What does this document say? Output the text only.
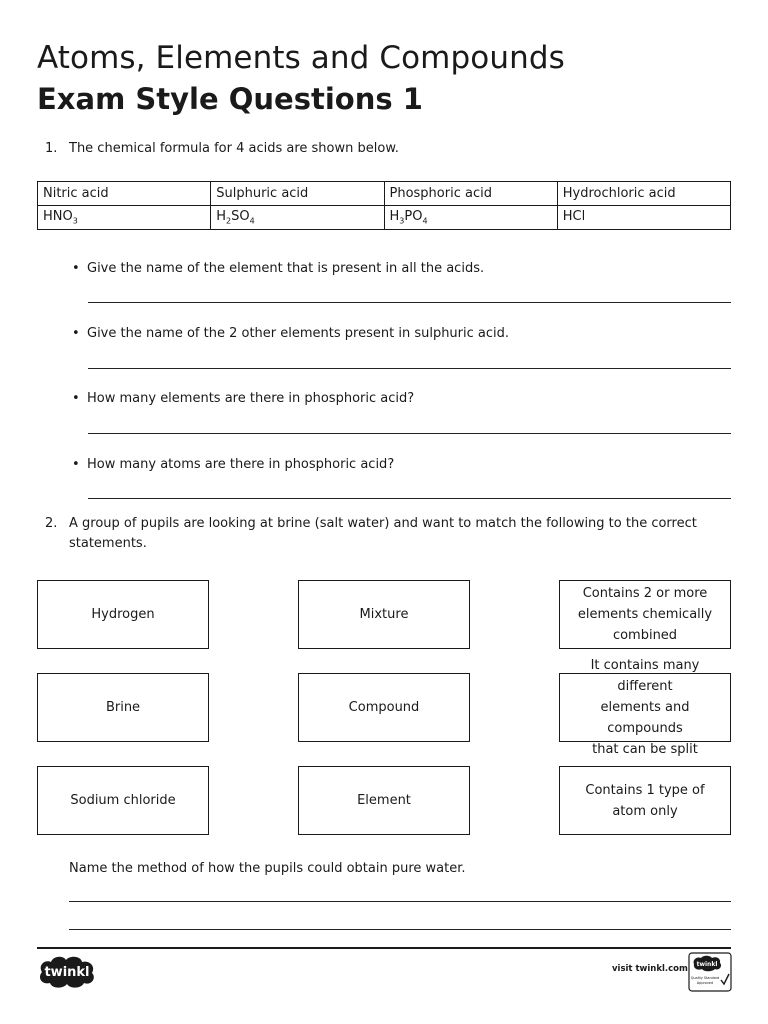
Atoms, Elements and Compounds
Exam Style Questions 1
1. The chemical formula for 4 acids are shown below.
Nitric acid	Sulphuric acid	Phosphoric acid	Hydrochloric acid
$HNO_3$	$H_2SO_4$	$H_3PO_4$	HCl
• Give the name of the element that is present in all the acids.
• Give the name of the 2 other elements present in sulphuric acid.
• How many elements are there in phosphoric acid?
• How many atoms are there in phosphoric acid?
2. A group of pupils are looking at brine (salt water) and want to match the following to the correct
statements.
Hydrogen
Brine
Sodium chloride
Mixture
Compound
Element
Contains 2 or more
elements chemically
combined
It contains many different
elements and compounds
that can be split
Contains 1 type of
atom only
Name the method of how the pupils could obtain pure water.
twinkl	visit twinkl.com twinkl
Quality Standard
Approved
